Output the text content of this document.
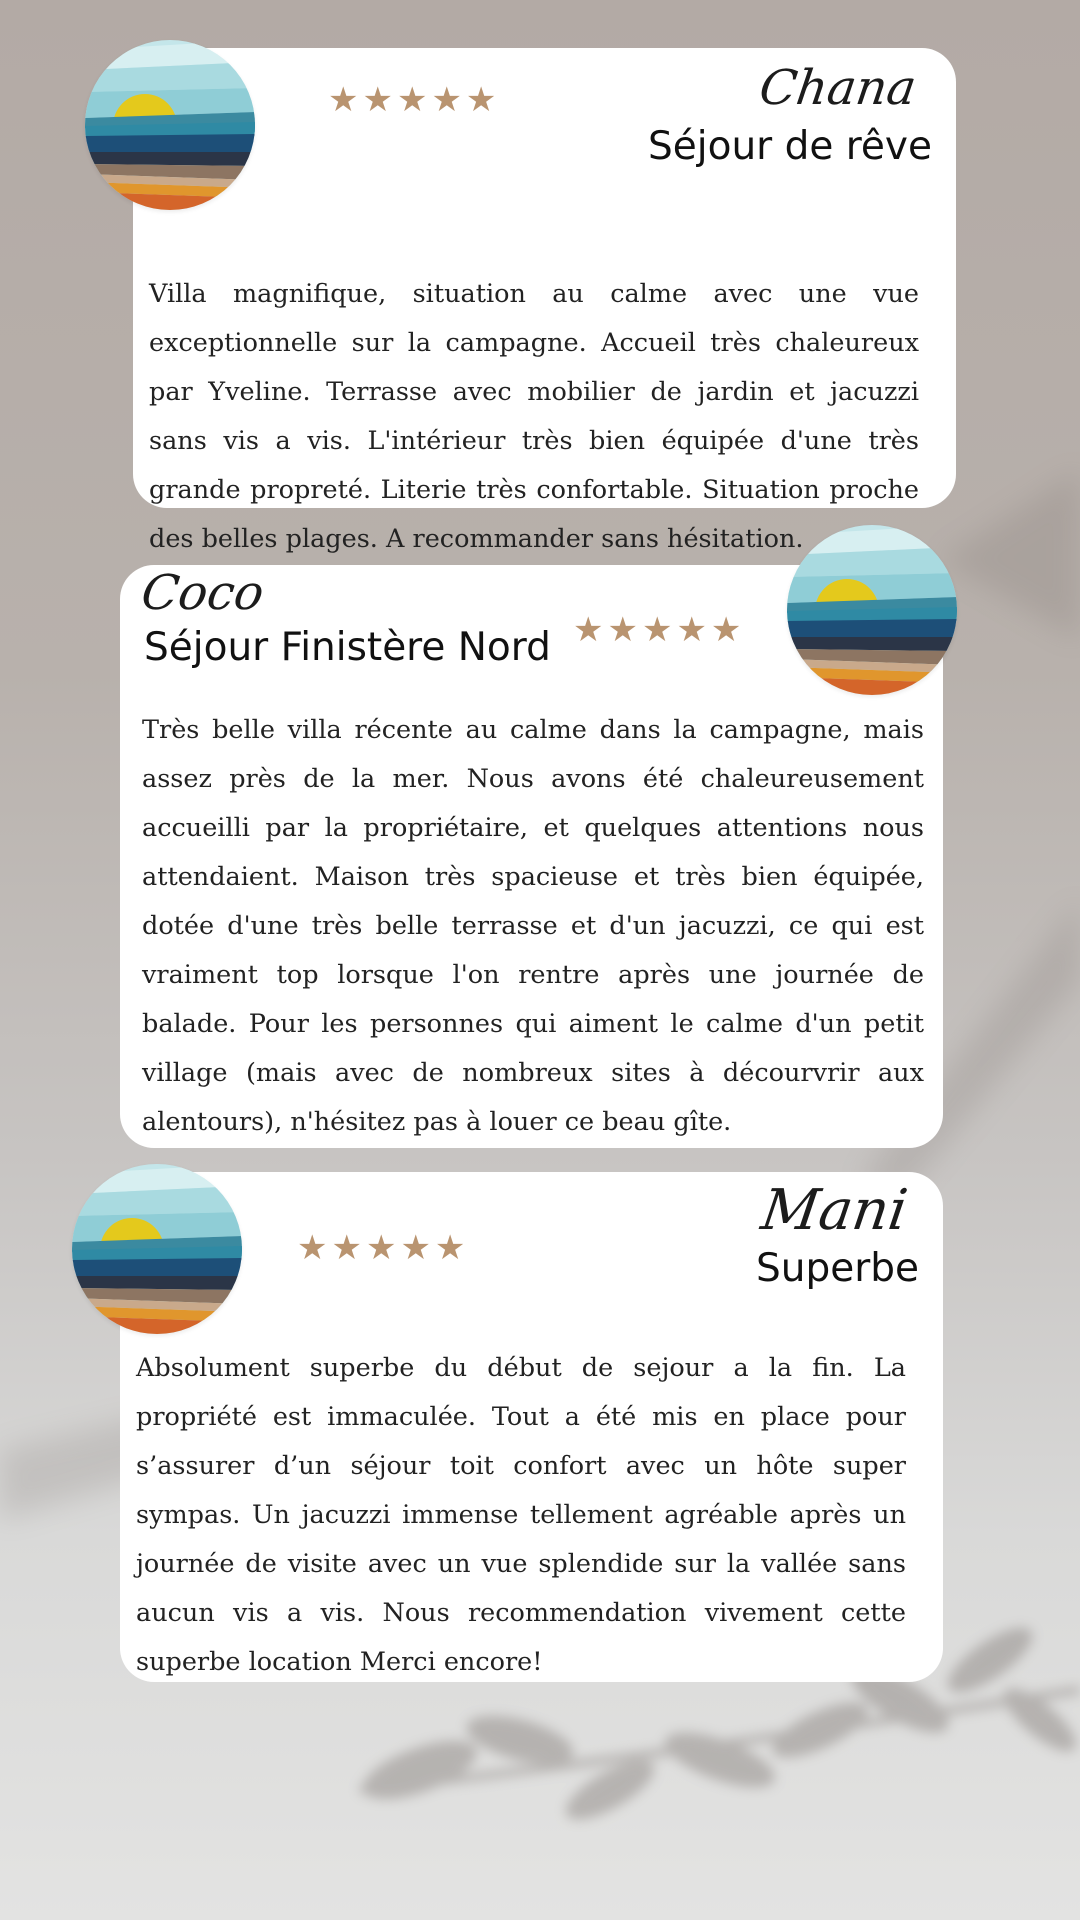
Chana
Séjour de rêve

Villa magnifique, situation au calme avec une vue exceptionnelle sur la campagne. Accueil très chaleureux par Yveline. Terrasse avec mobilier de jardin et jacuzzi sans vis a vis. L'intérieur très bien équipée d'une très grande propreté. Literie très confortable. Situation proche des belles plages. A recommander sans hésitation.

★★★★★
Coco
Séjour Finistère Nord

Très belle villa récente au calme dans la campagne, mais assez près de la mer. Nous avons été chaleureusement accueilli par la propriétaire, et quelques attentions nous attendaient. Maison très spacieuse et très bien équipée, dotée d'une très belle terrasse et d'un jacuzzi, ce qui est vraiment top lorsque l'on rentre après une journée de balade. Pour les personnes qui aiment le calme d'un petit village (mais avec de nombreux sites à décourvrir aux alentours), n'hésitez pas à louer ce beau gîte.

★★★★★
Mani
Superbe

Absolument superbe du début de sejour a la fin. La propriété est immaculée. Tout a été mis en place pour s’assurer d’un séjour toit confort avec un hôte super sympas. Un jacuzzi immense tellement agréable après un journée de visite avec un vue splendide sur la vallée sans aucun vis a vis. Nous recommendation vivement cette superbe location Merci encore!

★★★★★
